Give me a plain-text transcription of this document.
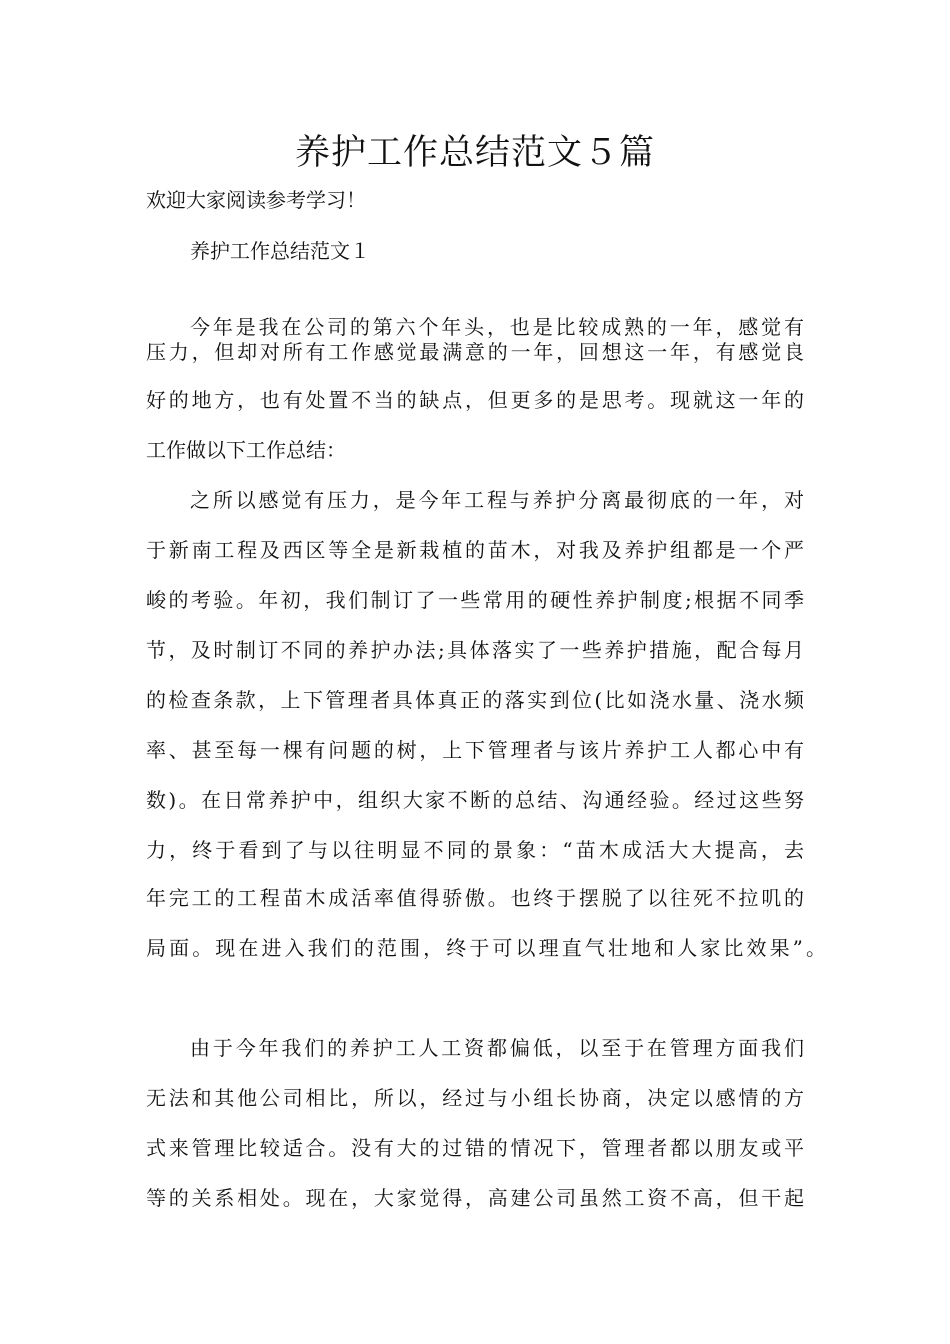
养护工作总结范文５篇

欢迎大家阅读参考学习！

养护工作总结范文１

今年是我在公司的第六个年头，也是比较成熟的一年，感觉有

压力，但却对所有工作感觉最满意的一年，回想这一年，有感觉良

好的地方，也有处置不当的缺点，但更多的是思考。现就这一年的

工作做以下工作总结：

之所以感觉有压力，是今年工程与养护分离最彻底的一年，对

于新南工程及西区等全是新栽植的苗木，对我及养护组都是一个严

峻的考验。年初，我们制订了一些常用的硬性养护制度;根据不同季

节，及时制订不同的养护办法;具体落实了一些养护措施，配合每月

的检查条款，上下管理者具体真正的落实到位(比如浇水量、浇水频

率、甚至每一棵有问题的树，上下管理者与该片养护工人都心中有

数)。在日常养护中，组织大家不断的总结、沟通经验。经过这些努

力，终于看到了与以往明显不同的景象：“苗木成活大大提高，去

年完工的工程苗木成活率值得骄傲。也终于摆脱了以往死不拉叽的

局面。现在进入我们的范围，终于可以理直气壮地和人家比效果”。

由于今年我们的养护工人工资都偏低，以至于在管理方面我们

无法和其他公司相比，所以，经过与小组长协商，决定以感情的方

式来管理比较适合。没有大的过错的情况下，管理者都以朋友或平

等的关系相处。现在，大家觉得，高建公司虽然工资不高，但干起
